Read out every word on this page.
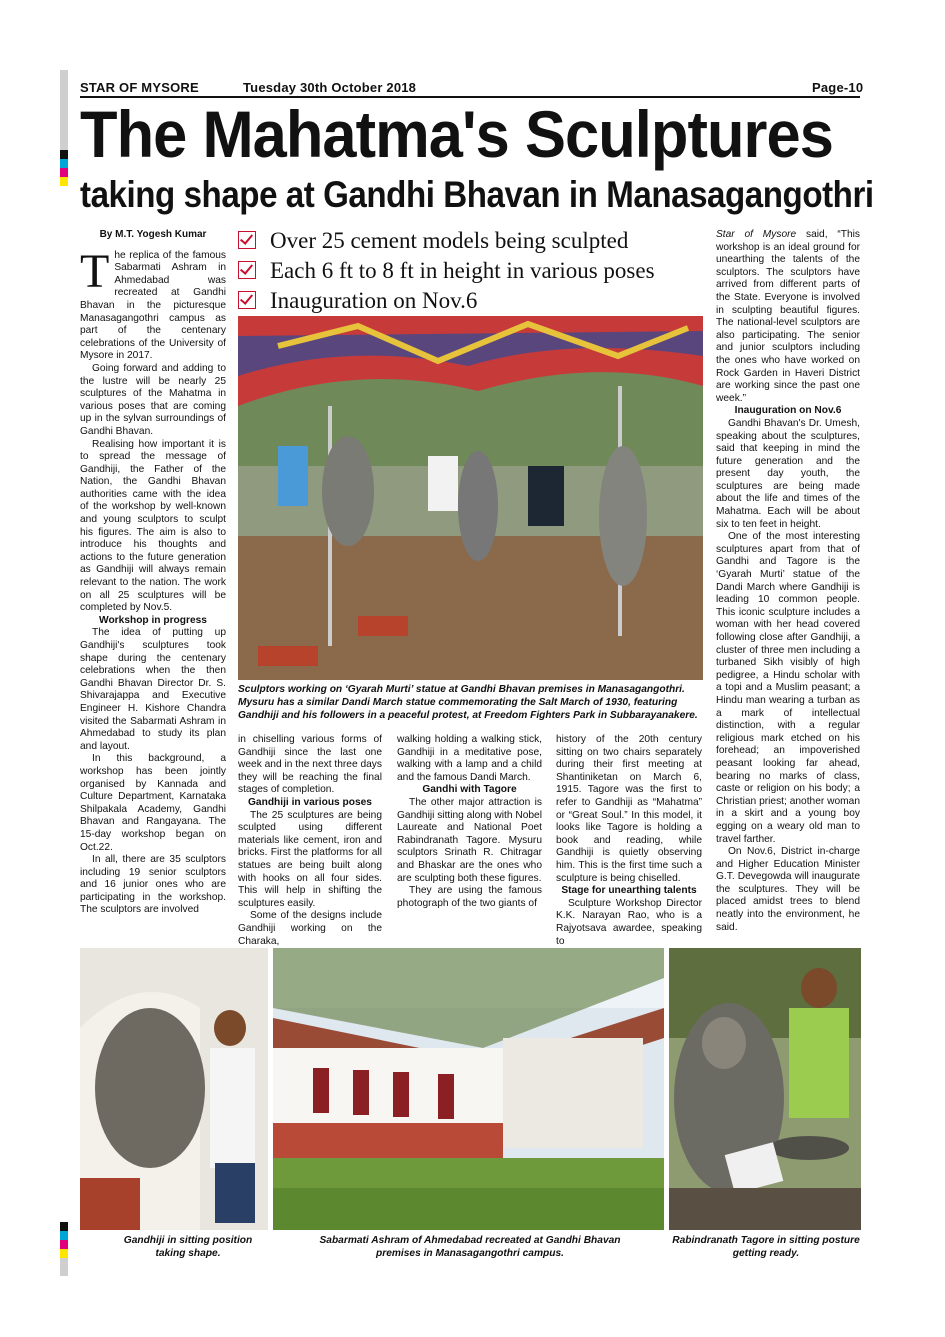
STAR OF MYSORE	Tuesday 30th October 2018	Page-10
The Mahatma's Sculptures
taking shape at Gandhi Bhavan in Manasagangothri
By M.T. Yogesh Kumar

The replica of the famous Sabarmati Ashram in Ahmedabad was recreated at Gandhi Bhavan in the picturesque Manasagangothri campus as part of the centenary celebrations of the University of Mysore in 2017.

Going forward and adding to the lustre will be nearly 25 sculptures of the Mahatma in various poses that are coming up in the sylvan surroundings of Gandhi Bhavan.

Realising how important it is to spread the message of Gandhiji, the Father of the Nation, the Gandhi Bhavan authorities came with the idea of the workshop by well-known and young sculptors to sculpt his figures. The aim is also to introduce his thoughts and actions to the future generation as Gandhiji will always remain relevant to the nation. The work on all 25 sculptures will be completed by Nov.5.

Workshop in progress

The idea of putting up Gandhiji's sculptures took shape during the centenary celebrations when the then Gandhi Bhavan Director Dr. S. Shivarajappa and Executive Engineer H. Kishore Chandra visited the Sabarmati Ashram in Ahmedabad to study its plan and layout.

In this background, a workshop has been jointly organised by Kannada and Culture Department, Karnataka Shilpakala Academy, Gandhi Bhavan and Rangayana. The 15-day workshop began on Oct.22.

In all, there are 35 sculptors including 19 senior sculptors and 16 junior ones who are participating in the workshop. The sculptors are involved

Over 25 cement models being sculpted
Each 6 ft to 8 ft in height in various poses
Inauguration on Nov.6
Sculptors working on ‘Gyarah Murti’ statue at Gandhi Bhavan premises in Manasagangothri. Mysuru has a similar Dandi March statue commemorating the Salt March of 1930, featuring Gandhiji and his followers in a peaceful protest, at Freedom Fighters Park in Subbarayanakere.

in chiselling various forms of Gandhiji since the last one week and in the next three days they will be reaching the final stages of completion.

Gandhiji in various poses

The 25 sculptures are being sculpted using different materials like cement, iron and bricks. First the platforms for all statues are being built along with hooks on all four sides. This will help in shifting the sculptures easily.

Some of the designs include Gandhiji working on the Charaka,

walking holding a walking stick, Gandhiji in a meditative pose, walking with a lamp and a child and the famous Dandi March.

Gandhi with Tagore

The other major attraction is Gandhiji sitting along with Nobel Laureate and National Poet Rabindranath Tagore. Mysuru sculptors Srinath R. Chitragar and Bhaskar are the ones who are sculpting both these figures.

They are using the famous photograph of the two giants of

history of the 20th century sitting on two chairs separately during their first meeting at Shantiniketan on March 6, 1915. Tagore was the first to refer to Gandhiji as “Mahatma” or “Great Soul.” In this model, it looks like Tagore is holding a book and reading, while Gandhiji is quietly observing him. This is the first time such a sculpture is being chiselled.

Stage for unearthing talents

Sculpture Workshop Director K.K. Narayan Rao, who is a Rajyotsava awardee, speaking to

Star of Mysore said, “This workshop is an ideal ground for unearthing the talents of the sculptors. The sculptors have arrived from different parts of the State. Everyone is involved in sculpting beautiful figures. The national-level sculptors are also participating. The senior and junior sculptors including the ones who have worked on Rock Garden in Haveri District are working since the past one week.”

Inauguration on Nov.6

Gandhi Bhavan's Dr. Umesh, speaking about the sculptures, said that keeping in mind the future generation and the present day youth, the sculptures are being made about the life and times of the Mahatma. Each will be about six to ten feet in height.

One of the most interesting sculptures apart from that of Gandhi and Tagore is the ‘Gyarah Murti’ statue of the Dandi March where Gandhiji is leading 10 common people. This iconic sculpture includes a woman with her head covered following close after Gandhiji, a cluster of three men including a turbaned Sikh visibly of high pedigree, a Hindu scholar with a topi and a Muslim peasant; a Hindu man wearing a turban as a mark of intellectual distinction, with a regular religious mark etched on his forehead; an impoverished peasant looking far ahead, bearing no marks of class, caste or religion on his body; a Christian priest; another woman in a skirt and a young boy egging on a weary old man to travel farther.

On Nov.6, District in-charge and Higher Education Minister G.T. Devegowda will inaugurate the sculptures. They will be placed amidst trees to blend neatly into the environment, he said.

Gandhiji in sitting position taking shape.
Sabarmati Ashram of Ahmedabad recreated at Gandhi Bhavan premises in Manasagangothri campus.
Rabindranath Tagore in sitting posture getting ready.
